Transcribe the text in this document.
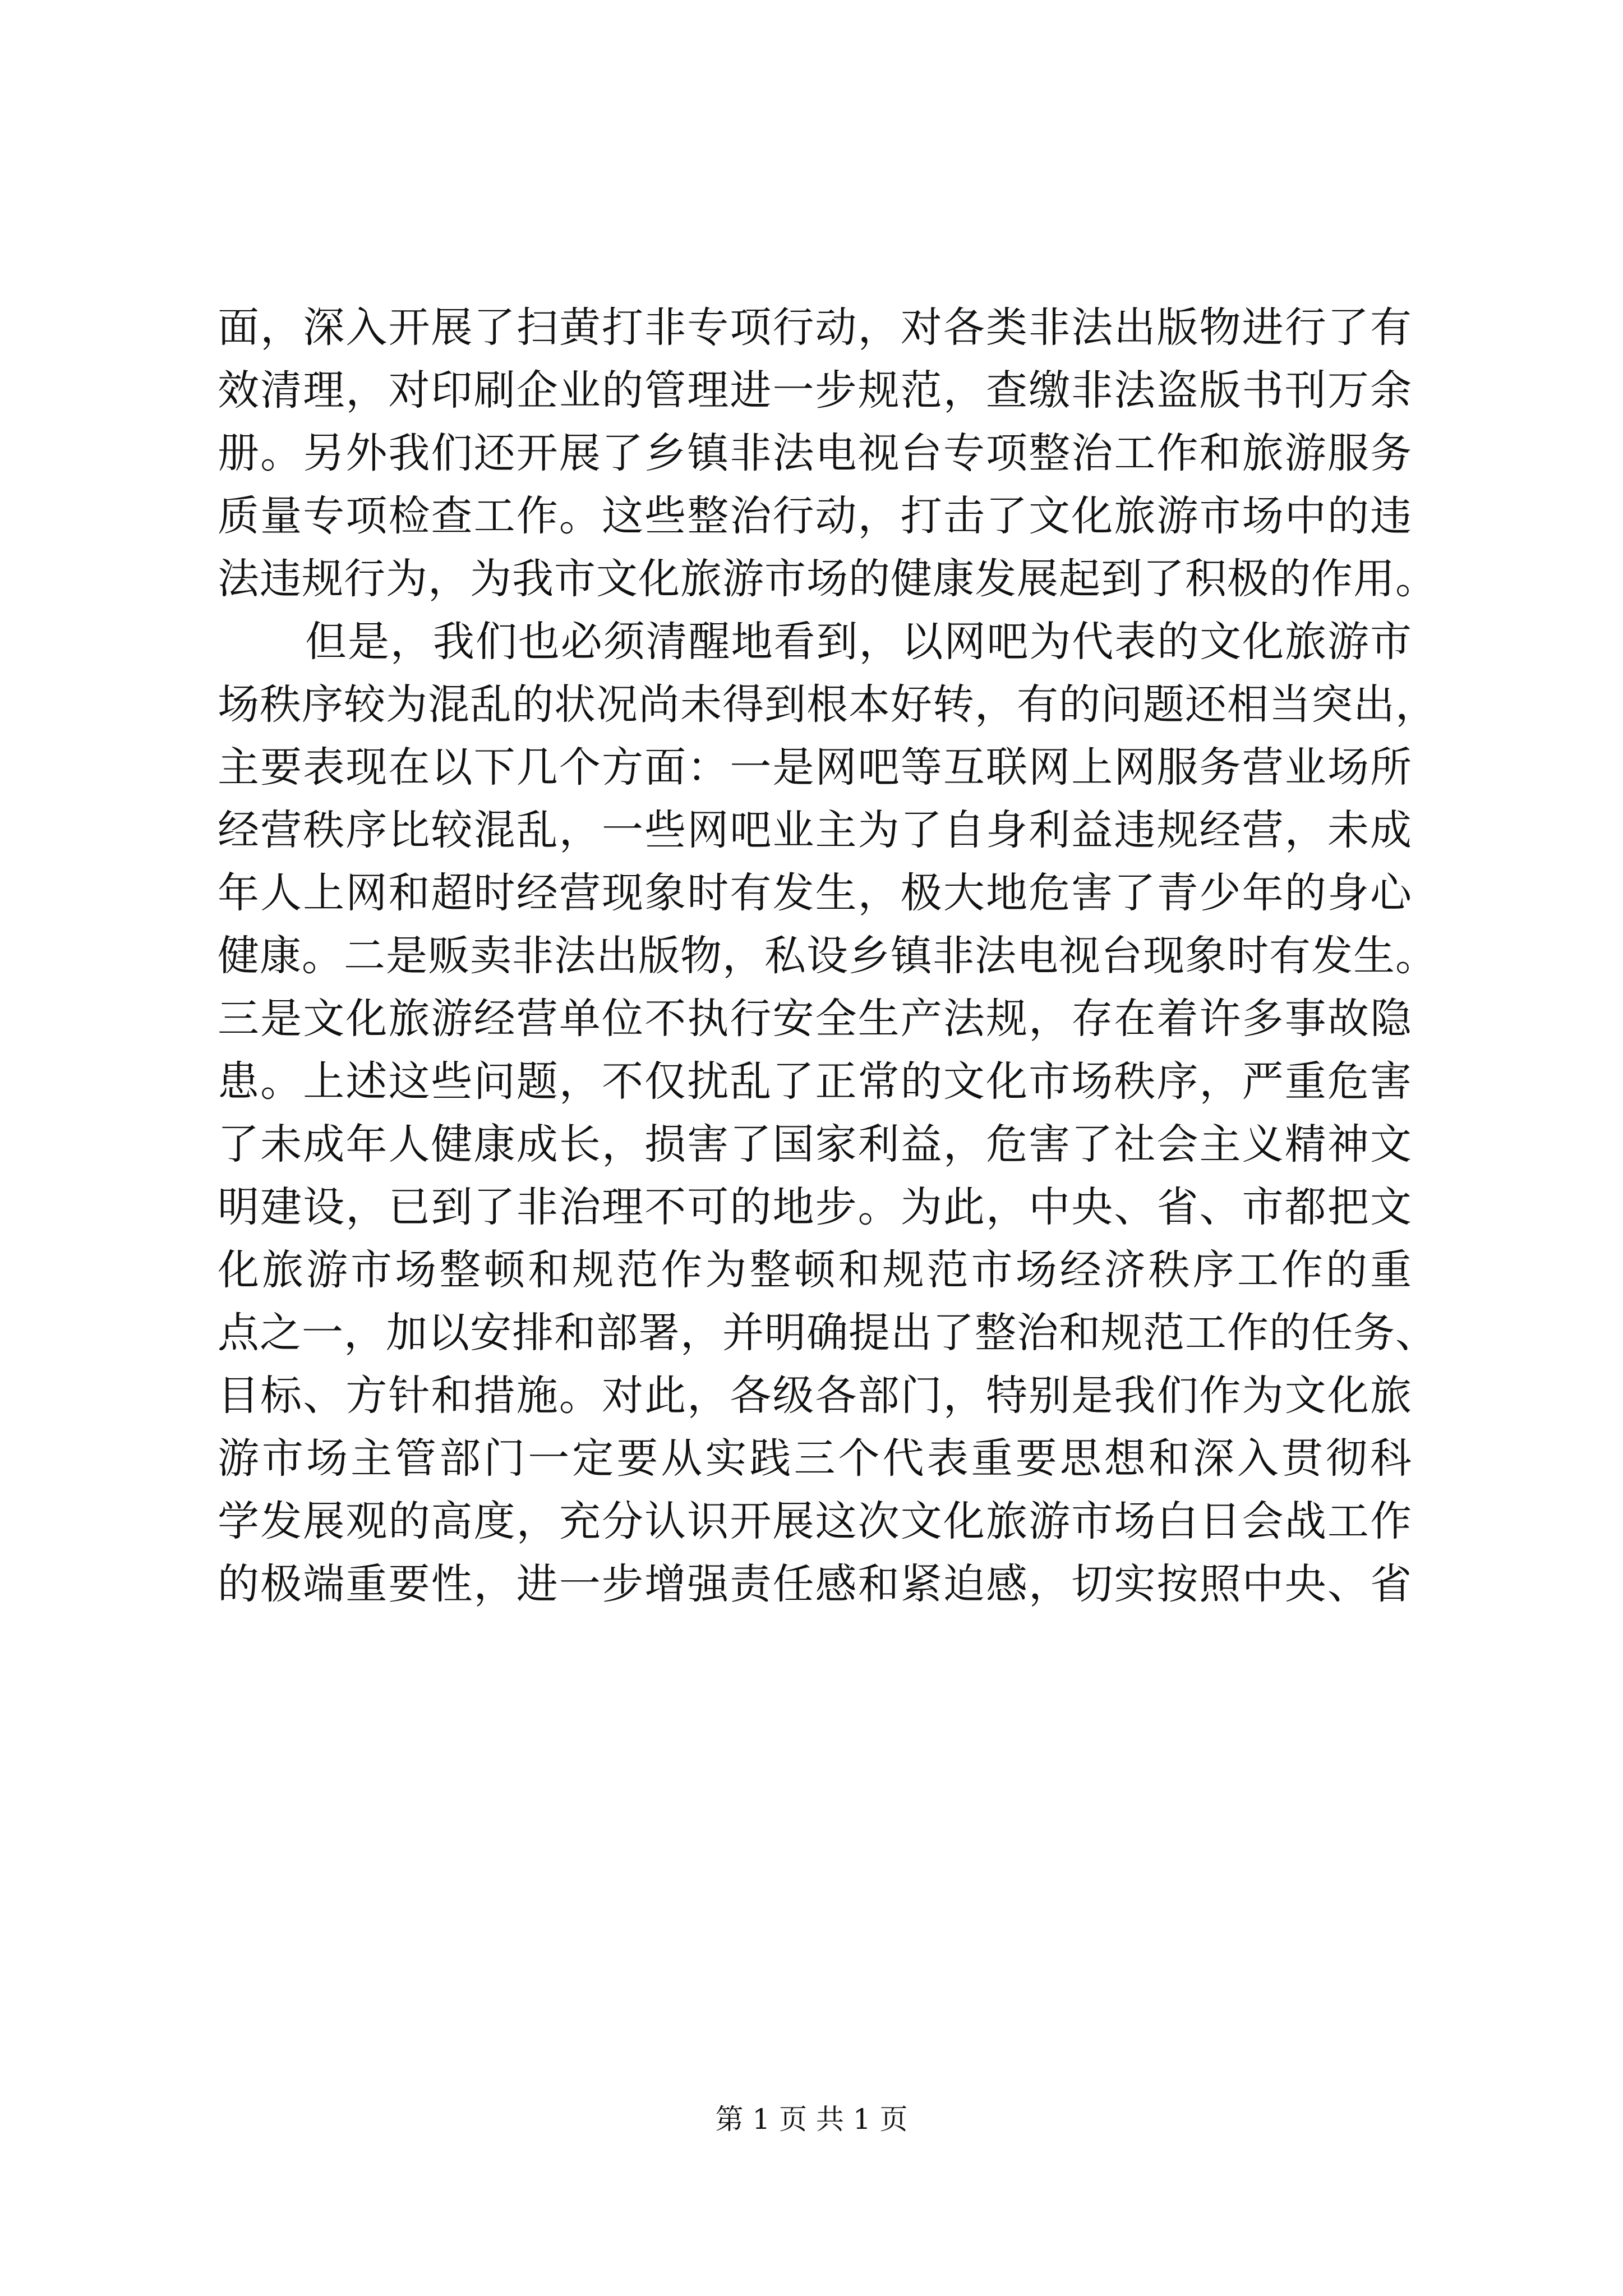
面，深入开展了扫黄打非专项行动，对各类非法出版物进行了有
效清理，对印刷企业的管理进一步规范，查缴非法盗版书刊万余
册。另外我们还开展了乡镇非法电视台专项整治工作和旅游服务
质量专项检查工作。这些整治行动，打击了文化旅游市场中的违
法违规行为，为我市文化旅游市场的健康发展起到了积极的作用。
但是，我们也必须清醒地看到，以网吧为代表的文化旅游市
场秩序较为混乱的状况尚未得到根本好转，有的问题还相当突出，
主要表现在以下几个方面：一是网吧等互联网上网服务营业场所
经营秩序比较混乱，一些网吧业主为了自身利益违规经营，未成
年人上网和超时经营现象时有发生，极大地危害了青少年的身心
健康。二是贩卖非法出版物，私设乡镇非法电视台现象时有发生。
三是文化旅游经营单位不执行安全生产法规，存在着许多事故隐
患。上述这些问题，不仅扰乱了正常的文化市场秩序，严重危害
了未成年人健康成长，损害了国家利益，危害了社会主义精神文
明建设，已到了非治理不可的地步。为此，中央、省、市都把文
化旅游市场整顿和规范作为整顿和规范市场经济秩序工作的重
点之一，加以安排和部署，并明确提出了整治和规范工作的任务、
目标、方针和措施。对此，各级各部门，特别是我们作为文化旅
游市场主管部门一定要从实践三个代表重要思想和深入贯彻科
学发展观的高度，充分认识开展这次文化旅游市场白日会战工作
的极端重要性，进一步增强责任感和紧迫感，切实按照中央、省
第 1 页 共 1 页
